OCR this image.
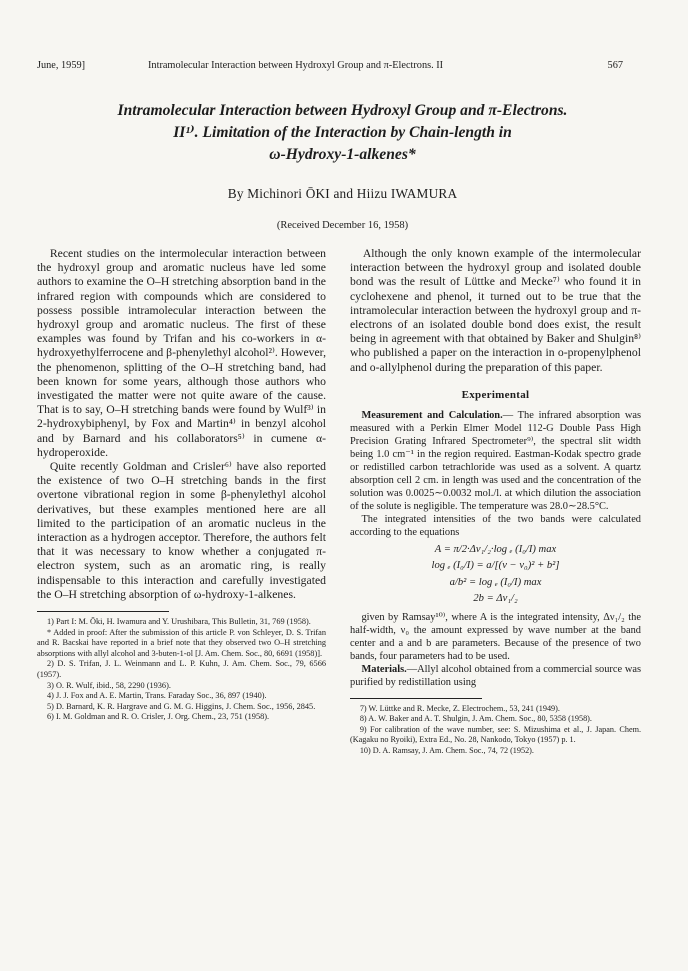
June, 1959]	Intramolecular Interaction between Hydroxyl Group and π-Electrons. II	567
Intramolecular Interaction between Hydroxyl Group and π-Electrons.
II¹⁾. Limitation of the Interaction by Chain-length in
ω-Hydroxy-1-alkenes*
By Michinori ŌKI and Hiizu IWAMURA
(Received December 16, 1958)

Recent studies on the intermolecular interaction between the hydroxyl group and aromatic nucleus have led some authors to examine the O–H stretching absorption band in the infrared region with compounds which are considered to possess possible intramolecular interaction between the hydroxyl group and aromatic nucleus. The first of these examples was found by Trifan and his co-workers in α-hydroxyethylferrocene and β-phenylethyl alcohol²⁾. However, the phenomenon, splitting of the O–H stretching band, had been known for some years, although those authors who investigated the matter were not quite aware of the cause. That is to say, O–H stretching bands were found by Wulf³⁾ in 2-hydroxybiphenyl, by Fox and Martin⁴⁾ in benzyl alcohol and by Barnard and his collaborators⁵⁾ in cumene α-hydroperoxide.

Quite recently Goldman and Crisler⁶⁾ have also reported the existence of two O–H stretching bands in the first overtone vibrational region in some β-phenylethyl alcohol derivatives, but these examples mentioned here are all limited to the participation of an aromatic nucleus in the interaction as a hydrogen acceptor. Therefore, the authors felt that it was necessary to know whether a conjugated π-electron system, such as an aromatic ring, is really indispensable to this interaction and carefully investigated the O–H stretching absorption of ω-hydroxy-1-alkenes.

1) Part I: M. Ōki, H. Iwamura and Y. Urushibara, This Bulletin, 31, 769 (1958).

* Added in proof: After the submission of this article P. von Schleyer, D. S. Trifan and R. Bacskai have reported in a brief note that they observed two O–H stretching absorptions with allyl alcohol and 3-buten-1-ol [J. Am. Chem. Soc., 80, 6691 (1958)].

2) D. S. Trifan, J. L. Weinmann and L. P. Kuhn, J. Am. Chem. Soc., 79, 6566 (1957).

3) O. R. Wulf, ibid., 58, 2290 (1936).

4) J. J. Fox and A. E. Martin, Trans. Faraday Soc., 36, 897 (1940).

5) D. Barnard, K. R. Hargrave and G. M. G. Higgins, J. Chem. Soc., 1956, 2845.

6) I. M. Goldman and R. O. Crisler, J. Org. Chem., 23, 751 (1958).

Although the only known example of the intermolecular interaction between the hydroxyl group and isolated double bond was the result of Lüttke and Mecke⁷⁾ who found it in cyclohexene and phenol, it turned out to be true that the intramolecular interaction between the hydroxyl group and π-electrons of an isolated double bond does exist, the result being in agreement with that obtained by Baker and Shulgin⁸⁾ who published a paper on the interaction in o-propenylphenol and o-allylphenol during the preparation of this paper.

Experimental

Measurement and Calculation.— The infrared absorption was measured with a Perkin Elmer Model 112-G Double Pass High Precision Grating Infrared Spectrometer⁹⁾, the spectral slit width being 1.0 cm⁻¹ in the region required. Eastman-Kodak spectro grade or redistilled carbon tetrachloride was used as a solvent. A quartz absorption cell 2 cm. in length was used and the concentration of the solution was 0.0025∼0.0032 mol./l. at which dilution the association of the solute is negligible. The temperature was 28.0∼28.5°C.

The integrated intensities of the two bands were calculated according to the equations

A = π/2·Δν₁/₂·log ₑ (I₀/I) max
log ₑ (I₀/I) = a/[(ν − ν₀)² + b²]
a/b² = log ₑ (I₀/I) max
2b = Δν₁/₂

given by Ramsay¹⁰⁾, where A is the integrated intensity, Δν₁/₂ the half-width, ν₀ the amount expressed by wave number at the band center and a and b are parameters. Because of the presence of two bands, four parameters had to be used.

Materials.—Allyl alcohol obtained from a commercial source was purified by redistillation using

7) W. Lüttke and R. Mecke, Z. Electrochem., 53, 241 (1949).

8) A. W. Baker and A. T. Shulgin, J. Am. Chem. Soc., 80, 5358 (1958).

9) For calibration of the wave number, see: S. Mizushima et al., J. Japan. Chem. (Kagaku no Ryoiki), Extra Ed., No. 28, Nankodo, Tokyo (1957) p. 1.

10) D. A. Ramsay, J. Am. Chem. Soc., 74, 72 (1952).
